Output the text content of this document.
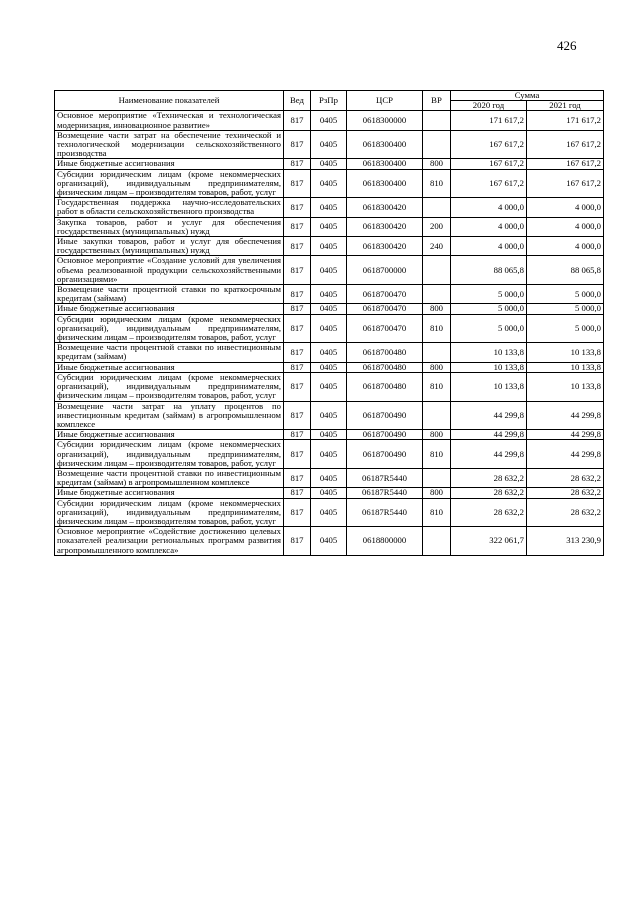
426
Наименование показателей	Вед	РзПр	ЦСР	ВР	Сумма	
					2020 год	2021 год
Основное мероприятие «Техническая и технологическая модернизация, инновационное развитие»	817	0405	0618300000		171 617,2	171 617,2
Возмещение части затрат на обеспечение технической и технологической модернизации сельскохозяйственного производства	817	0405	0618300400		167 617,2	167 617,2
Иные бюджетные ассигнования	817	0405	0618300400	800	167 617,2	167 617,2
Субсидии юридическим лицам (кроме некоммерческих организаций), индивидуальным предпринимателям, физическим лицам – производителям товаров, работ, услуг	817	0405	0618300400	810	167 617,2	167 617,2
Государственная поддержка научно-исследовательских работ в области сельскохозяйственного производства	817	0405	0618300420		4 000,0	4 000,0
Закупка товаров, работ и услуг для обеспечения государственных (муниципальных) нужд	817	0405	0618300420	200	4 000,0	4 000,0
Иные закупки товаров, работ и услуг для обеспечения государственных (муниципальных) нужд	817	0405	0618300420	240	4 000,0	4 000,0
Основное мероприятие «Создание условий для увеличения объема реализованной продукции сельскохозяйственными организациями»	817	0405	0618700000		88 065,8	88 065,8
Возмещение части процентной ставки по краткосрочным кредитам (займам)	817	0405	0618700470		5 000,0	5 000,0
Иные бюджетные ассигнования	817	0405	0618700470	800	5 000,0	5 000,0
Субсидии юридическим лицам (кроме некоммерческих организаций), индивидуальным предпринимателям, физическим лицам – производителям товаров, работ, услуг	817	0405	0618700470	810	5 000,0	5 000,0
Возмещение части процентной ставки по инвестиционным кредитам (займам)	817	0405	0618700480		10 133,8	10 133,8
Иные бюджетные ассигнования	817	0405	0618700480	800	10 133,8	10 133,8
Субсидии юридическим лицам (кроме некоммерческих организаций), индивидуальным предпринимателям, физическим лицам – производителям товаров, работ, услуг	817	0405	0618700480	810	10 133,8	10 133,8
Возмещение части затрат на уплату процентов по инвестиционным кредитам (займам) в агропромышленном комплексе	817	0405	0618700490		44 299,8	44 299,8
Иные бюджетные ассигнования	817	0405	0618700490	800	44 299,8	44 299,8
Субсидии юридическим лицам (кроме некоммерческих организаций), индивидуальным предпринимателям, физическим лицам – производителям товаров, работ, услуг	817	0405	0618700490	810	44 299,8	44 299,8
Возмещение части процентной ставки по инвестиционным кредитам (займам) в агропромышленном комплексе	817	0405	06187R5440		28 632,2	28 632,2
Иные бюджетные ассигнования	817	0405	06187R5440	800	28 632,2	28 632,2
Субсидии юридическим лицам (кроме некоммерческих организаций), индивидуальным предпринимателям, физическим лицам – производителям товаров, работ, услуг	817	0405	06187R5440	810	28 632,2	28 632,2
Основное мероприятие «Содействие достижению целевых показателей реализации региональных программ развития агропромышленного комплекса»	817	0405	0618800000		322 061,7	313 230,9
